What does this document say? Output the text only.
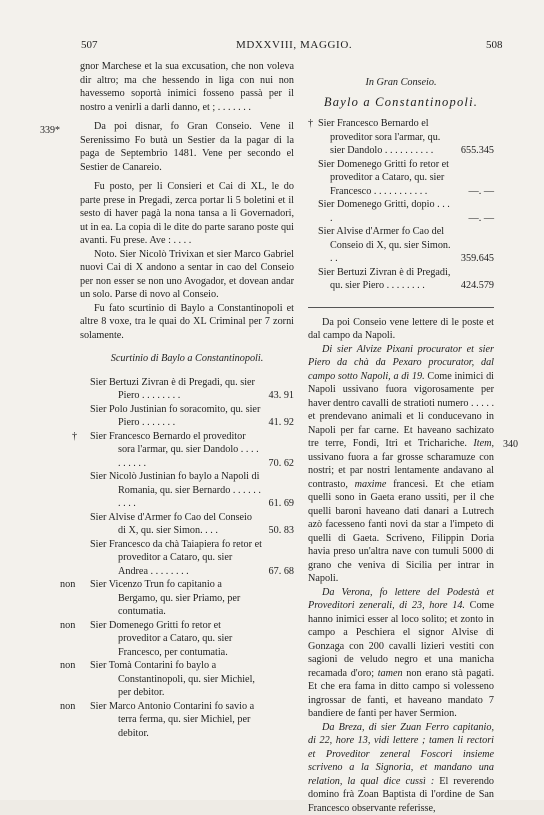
507	MDXXVIII, MAGGIO.	508
339*
340

gnor Marchese et la sua excusation, che non voleva dir altro; ma che hessendo in liga con nui non havessemo soportà inimici fosseno passà per il nostro a venirli a darli danno, et ; . . . . . . .

Da poi disnar, fo Gran Conseio. Vene il Serenissimo Fo butà un Sestier da la pagar di la paga de Septembrio 1481. Vene per secondo el Sestier de Canareio.

Fu posto, per li Consieri et Cai di XL, le do parte prese in Pregadi, zerca portar li 5 boletini et il sesto di haver pagà la nona tansa a li Governadori, ut in ea. La copia di le dite do parte sarano poste qui avanti. Fu prese. Ave : . . . .

Noto. Sier Nicolò Trivixan et sier Marco Gabriel nuovi Cai di X andono a sentar in cao del Conseio per non esser se non uno Avogador, et dovean andar un solo. Parse di novo al Conseio.

Fu fato scurtinio di Baylo a Constantinopoli et altre 8 voxe, tra le quai do XL Criminal per 7 zorni solamente.

Scurtinio di Baylo a Constantinopoli.
Sier Bertuzi Zivran è di Pregadi, qu. sier Piero . . . . . . . .	43. 91
Sier Polo Justinian fo soracomito, qu. sier Piero . . . . . . .	41. 92
†	Sier Francesco Bernardo el proveditor sora l'armar, qu. sier Dandolo . . . . . . . . . .	70. 62
Sier Nicolò Justinian fo baylo a Napoli di Romania, qu. sier Bernardo . . . . . . . . . .	61. 69
Sier Alvise d'Armer fo Cao del Conseio di X, qu. sier Simon. . . .	50. 83
Sier Francesco da chà Taiapiera fo retor et proveditor a Cataro, qu. sier Andrea . . . . . . . .	67. 68
non	Sier Vicenzo Trun fo capitanio a Bergamo, qu. sier Priamo, per contumatia.
non	Sier Domenego Gritti fo retor et proveditor a Cataro, qu. sier Francesco, per contumatia.
non	Sier Tomà Contarini fo baylo a Constantinopoli, qu. sier Michiel, per debitor.
non	Sier Marco Antonio Contarini fo savio a terra ferma, qu. sier Michiel, per debitor.
In Gran Conseio.
Baylo a Constantinopoli.
† Sier Francesco Bernardo el proveditor sora l'armar, qu. sier Dandolo . . . . . . . . . .	655.345
Sier Domenego Gritti fo retor et proveditor a Cataro, qu. sier Francesco . . . . . . . . . . .	—. —
Sier Domenego Gritti, dopio . . . .	—. —
Sier Alvise d'Armer fo Cao del Conseio di X, qu. sier Simon. . .	359.645
Sier Bertuzi Zivran è di Pregadi, qu. sier Piero . . . . . . . .	424.579

Da poi Conseio vene lettere di le poste et dal campo da Napoli.

Di sier Alvize Pixani procurator et sier Piero da chà da Pexaro procurator, dal campo sotto Napoli, a dì 19. Come inimici di Napoli ussivano fuora vigorosamente per haver dentro cavalli de stratioti numero . . . . . et prendevano animali et li conducevano in Napoli per far carne. Et haveano sachizato tre terre, Fondi, Itri et Trichariche. Item, ussivano fuora a far grosse scharamuze con nostri; et par nostri lentamente andavano al contrasto, maxime francesi. Et che etiam quelli sono in Gaeta erano ussiti, per il che quelli baroni haveano dati danari a Lutrech azò facesseno fanti novi da star a l'impeto di quelli di Gaeta. Scriveno, Filippin Doria havia preso un'altra nave con tumuli 5000 di grano che veniva di Sicilia per intrar in Napoli.

Da Verona, fo lettere del Podestà et Proveditori zenerali, di 23, hore 14. Come hanno inimici esser al loco solito; et zonto in campo a Peschiera el signor Alvise di Gonzaga con 200 cavalli lizieri vestiti con sagioni de veludo negro et una manicha recamada d'oro; tamen non erano stà pagati. Et che era fama in ditto campo si volesseno ingrossar de fanti, et haveano mandato 7 bandiere de fanti per haver Sermion.

Da Breza, di sier Zuan Ferro capitanio, di 22, hore 13, vidi lettere ; tamen li rectori et Proveditor zeneral Foscori insieme scriveno a la Signoria, et mandano una relation, la qual dice cussì : El reverendo domino frà Zoan Baptista di l'ordine de San Francesco observante referisse,
